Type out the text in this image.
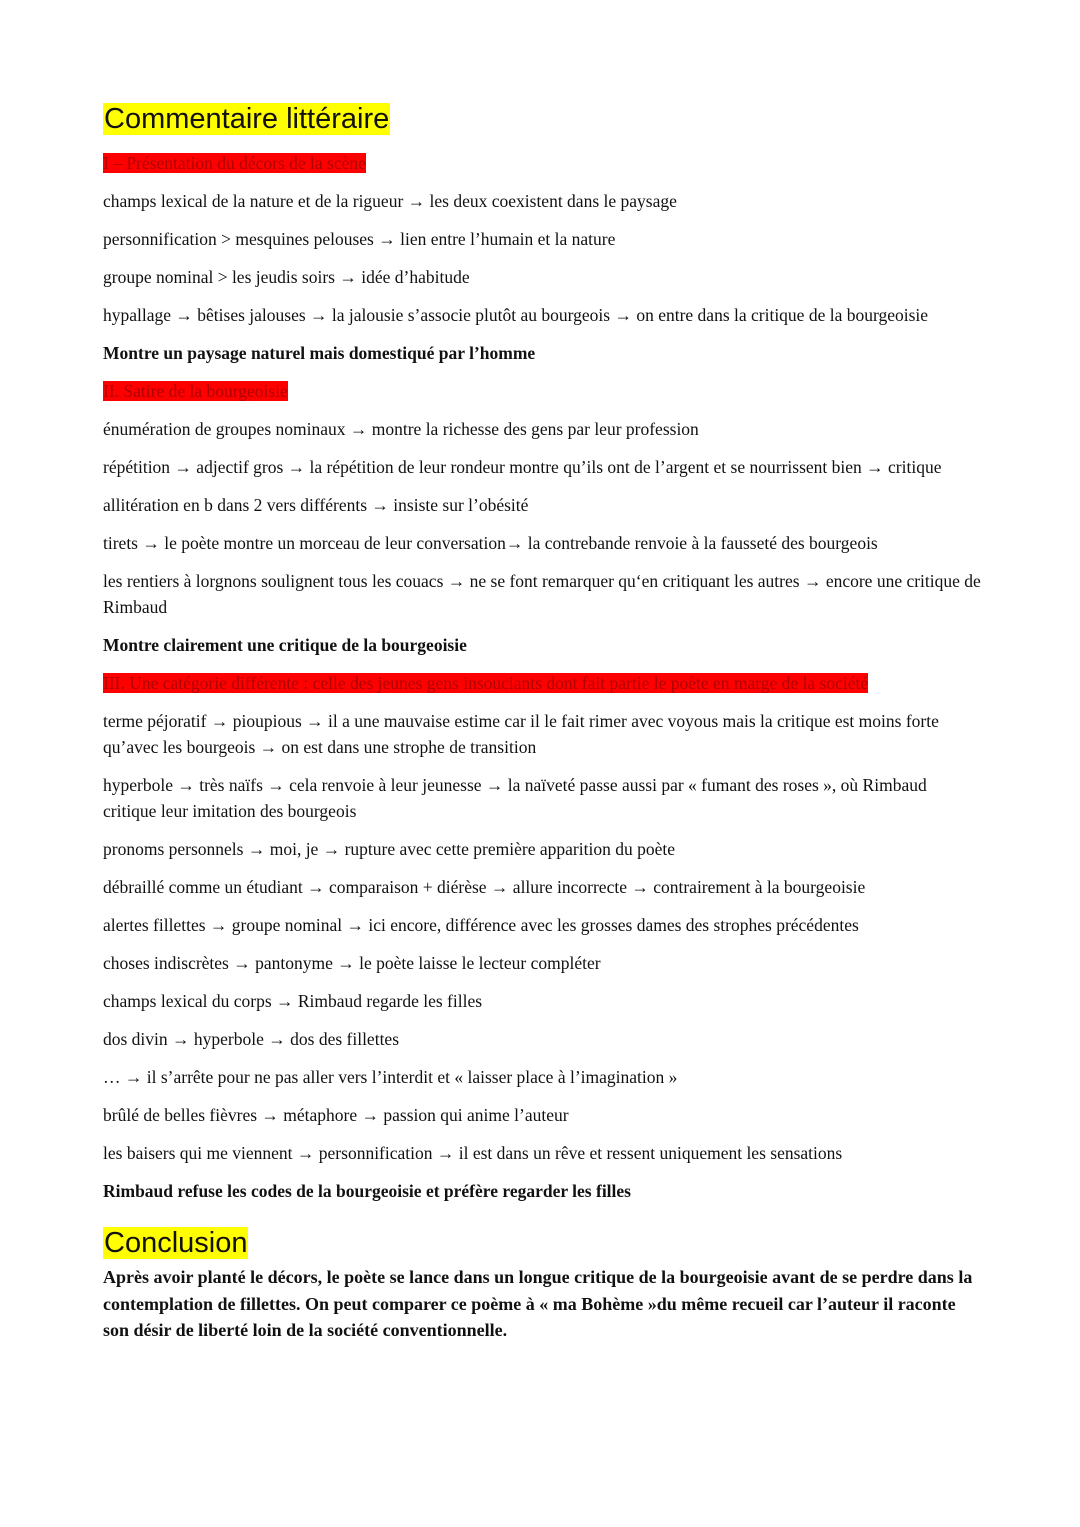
Commentaire littéraire
I – Présentation du décors de la scène
champs lexical de la nature et de la rigueur → les deux coexistent dans le paysage
personnification > mesquines pelouses → lien entre l’humain et la nature
groupe nominal > les jeudis soirs → idée d’habitude
hypallage → bêtises jalouses → la jalousie s’associe plutôt au bourgeois → on entre dans la critique de la bourgeoisie
Montre un paysage naturel mais domestiqué par l’homme
II. Satire de la bourgeoisie
énumération de groupes nominaux → montre la richesse des gens par leur profession
répétition → adjectif gros → la répétition de leur rondeur montre qu’ils ont de l’argent et se nourrissent bien → critique
allitération en b dans 2 vers différents → insiste sur l’obésité
tirets → le poète montre un morceau de leur conversation→ la contrebande renvoie à la fausseté des bourgeois
les rentiers à lorgnons soulignent tous les couacs → ne se font remarquer qu‘en critiquant les autres → encore une critique de Rimbaud
Montre clairement une critique de la bourgeoisie
III. Une catégorie différente : celle des jeunes gens insouciants dont fait partie le poète en marge de la société
terme péjoratif → pioupious → il a une mauvaise estime car il le fait rimer avec voyous mais la critique est moins forte qu’avec les bourgeois → on est dans une strophe de transition
hyperbole → très naïfs → cela renvoie à leur jeunesse → la naïveté passe aussi par « fumant des roses », où Rimbaud critique leur imitation des bourgeois
pronoms personnels → moi, je → rupture avec cette première apparition du poète
débraillé comme un étudiant → comparaison + diérèse → allure incorrecte → contrairement à la bourgeoisie
alertes fillettes → groupe nominal → ici encore, différence avec les grosses dames des strophes précédentes
choses indiscrètes → pantonyme → le poète laisse le lecteur compléter
champs lexical du corps → Rimbaud regarde les filles
dos divin → hyperbole → dos des fillettes
… → il s’arrête pour ne pas aller vers l’interdit et « laisser place à l’imagination »
brûlé de belles fièvres → métaphore → passion qui anime l’auteur
les baisers qui me viennent → personnification → il est dans un rêve et ressent uniquement les sensations
Rimbaud refuse les codes de la bourgeoisie et préfère regarder les filles
Conclusion

Après avoir planté le décors, le poète se lance dans un longue critique de la bourgeoisie avant de se perdre dans la contemplation de fillettes. On peut comparer ce poème à « ma Bohème »du même recueil car l’auteur il raconte son désir de liberté loin de la société conventionnelle.
